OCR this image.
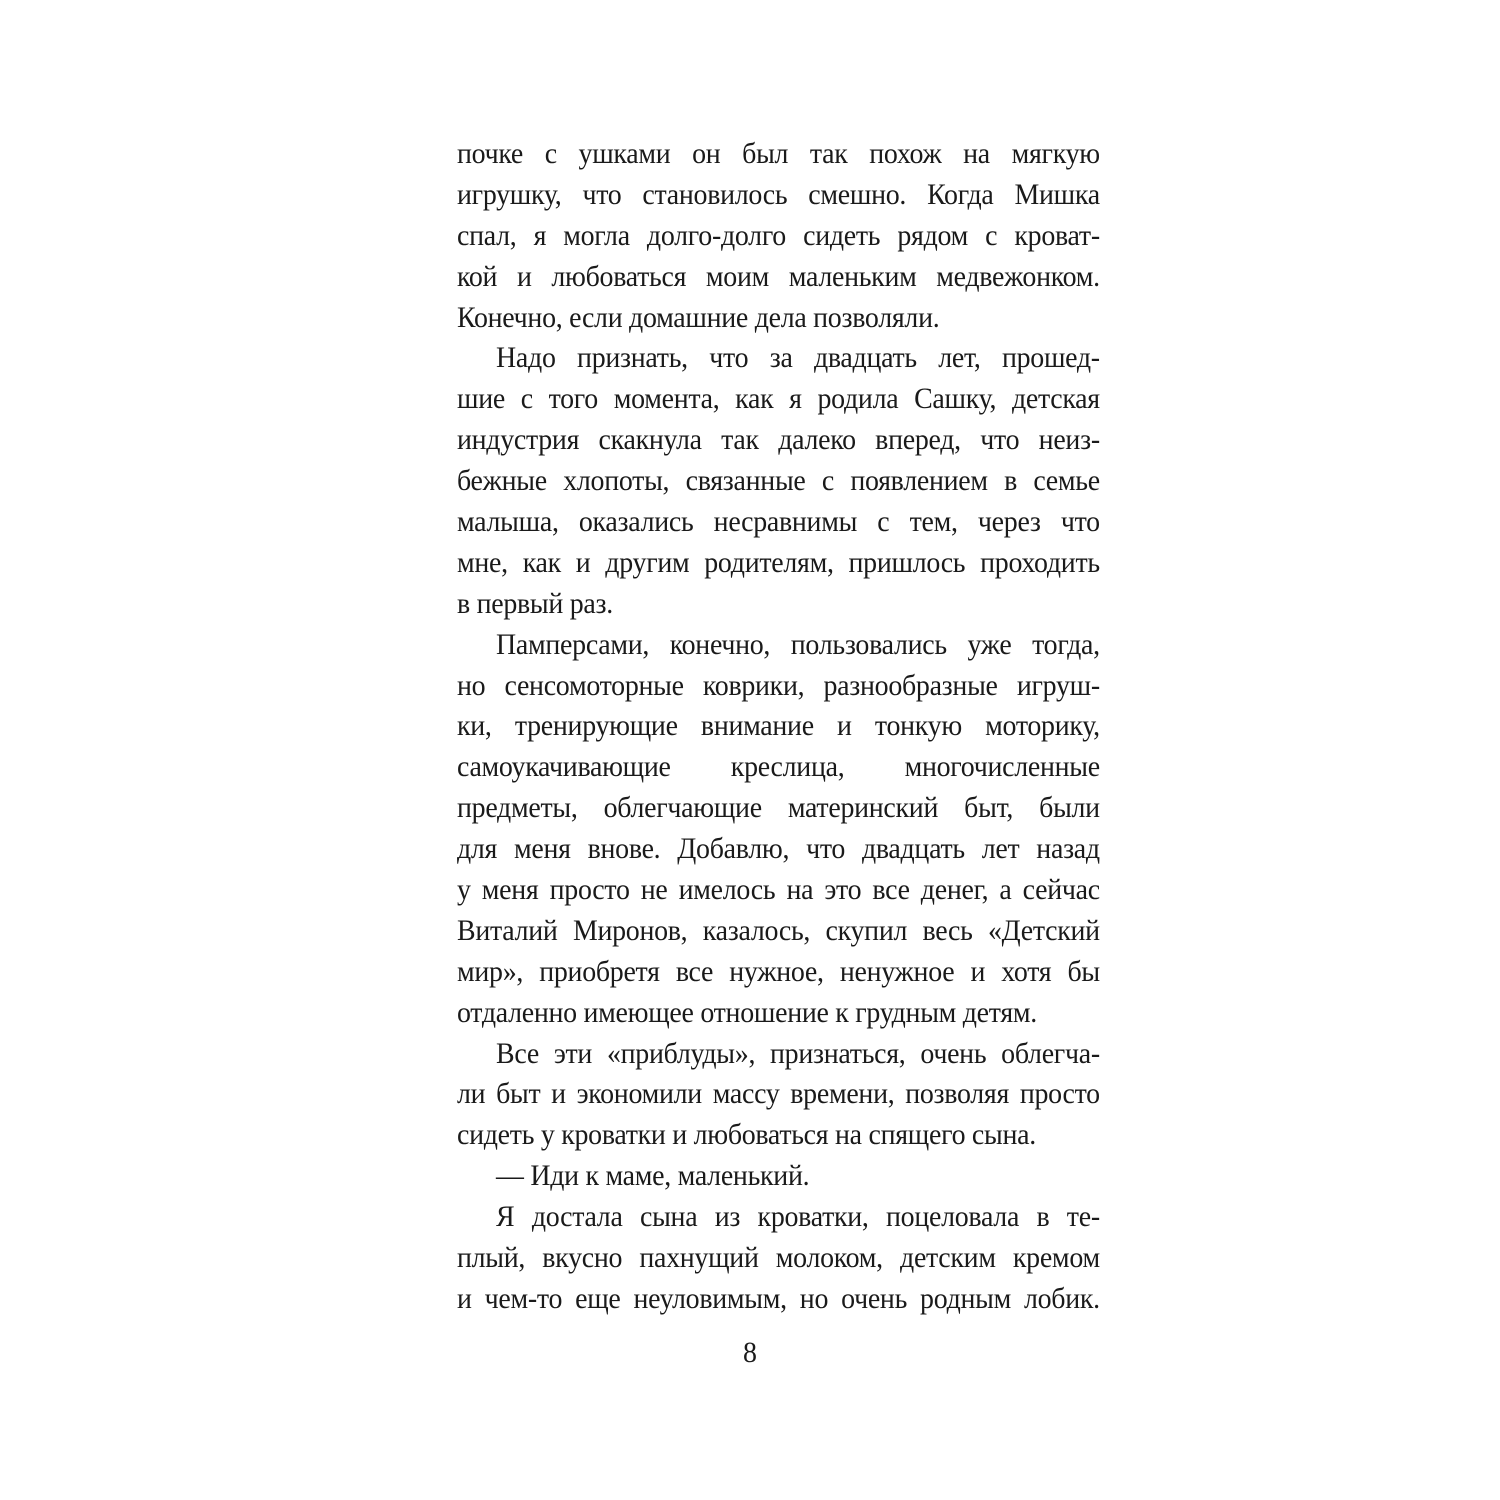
почке с ушками он был так похож на мягкую
игрушку, что становилось смешно. Когда Мишка
спал, я могла долго-долго сидеть рядом с кроват-
кой и любоваться моим маленьким медвежонком.
Конечно, если домашние дела позволяли.
Надо признать, что за двадцать лет, прошед-
шие с того момента, как я родила Сашку, детская
индустрия скакнула так далеко вперед, что неиз-
бежные хлопоты, связанные с появлением в семье
малыша, оказались несравнимы с тем, через что
мне, как и другим родителям, пришлось проходить
в первый раз.
Памперсами, конечно, пользовались уже тогда,
но сенсомоторные коврики, разнообразные игруш-
ки, тренирующие внимание и тонкую моторику,
самоукачивающие креслица, многочисленные
предметы, облегчающие материнский быт, были
для меня внове. Добавлю, что двадцать лет назад
у меня просто не имелось на это все денег, а сейчас
Виталий Миронов, казалось, скупил весь «Детский
мир», приобретя все нужное, ненужное и хотя бы
отдаленно имеющее отношение к грудным детям.
Все эти «приблуды», признаться, очень облегча-
ли быт и экономили массу времени, позволяя просто
сидеть у кроватки и любоваться на спящего сына.
— Иди к маме, маленький.
Я достала сына из кроватки, поцеловала в те-
плый, вкусно пахнущий молоком, детским кремом
и чем-то еще неуловимым, но очень родным лобик.
8
